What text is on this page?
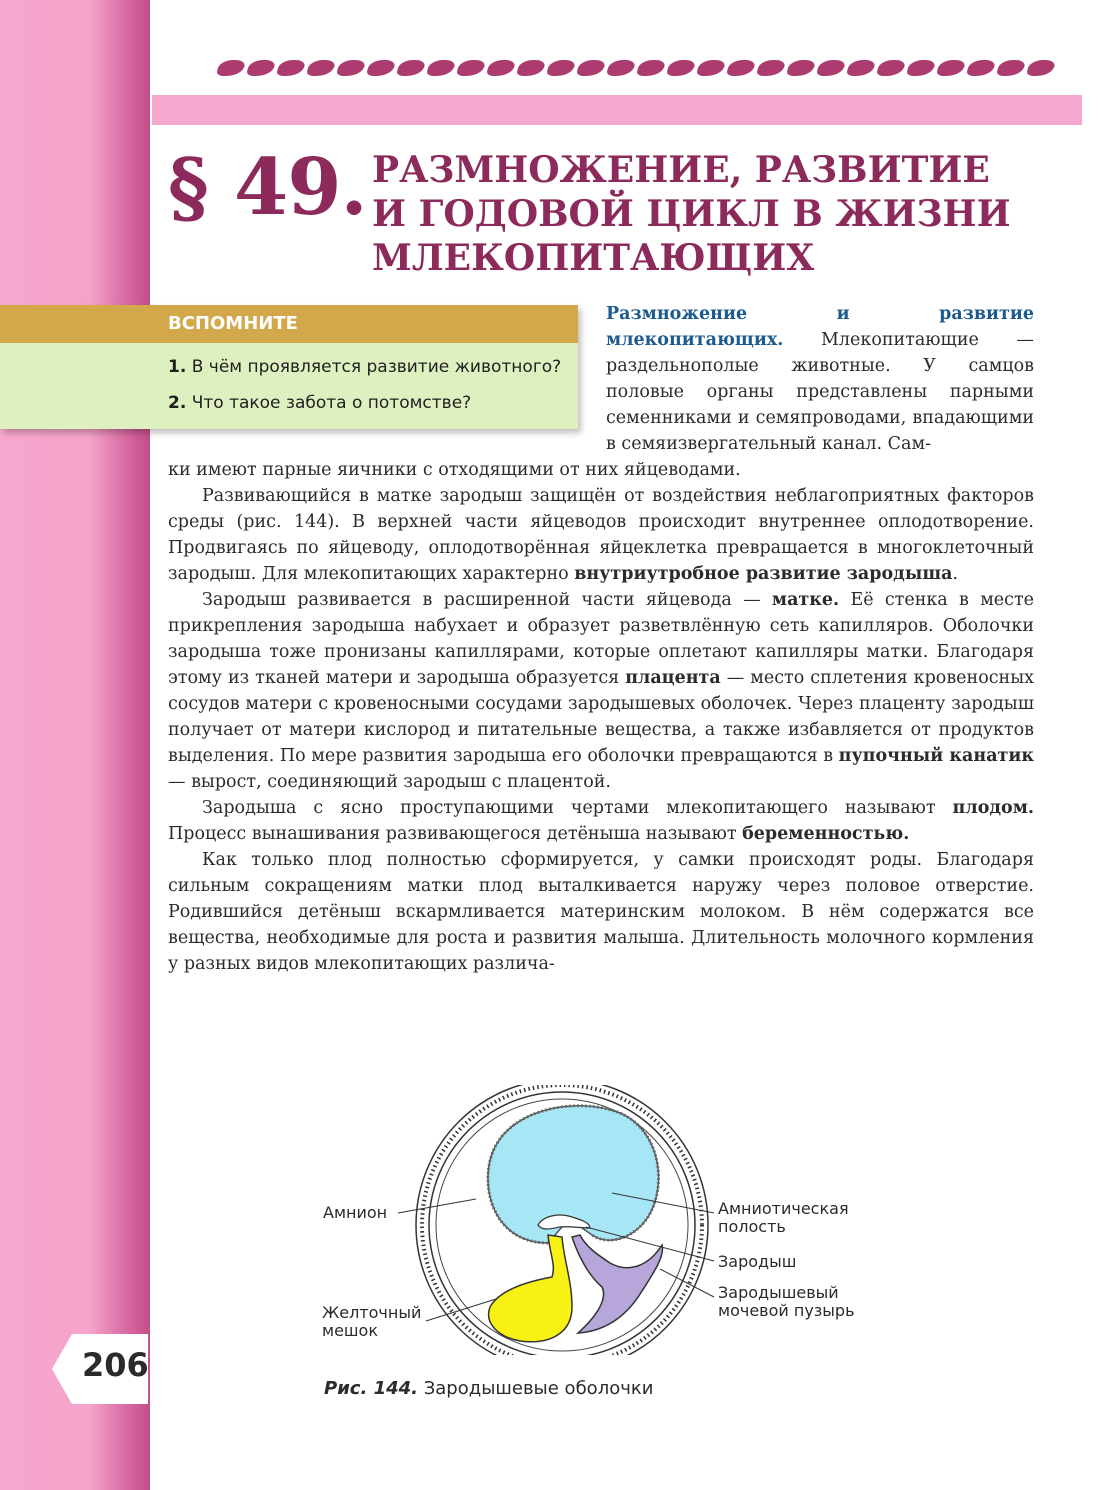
§ 49. РАЗМНОЖЕНИЕ, РАЗВИТИЕ
И ГОДОВОЙ ЦИКЛ В ЖИЗНИ
МЛЕКОПИТАЮЩИХ
ВСПОМНИТЕ
1. В чём проявляется развитие животного?
2. Что такое забота о потомстве?

Размножение и развитие млекопитающих. Млекопитающие — раздельнополые животные. У самцов половые органы представлены парными семенниками и семяпроводами, впадающими в семяизвергательный канал. Сам-

ки имеют парные яичники с отходящими от них яйцеводами.

Развивающийся в матке зародыш защищён от воздействия неблагоприятных факторов среды (рис. 144). В верхней части яйцеводов происходит внутреннее оплодотворение. Продвигаясь по яйцеводу, оплодотворённая яйцеклетка превращается в многоклеточный зародыш. Для млекопитающих характерно внутриутробное развитие зародыша.

Зародыш развивается в расширенной части яйцевода — матке. Её стенка в месте прикрепления зародыша набухает и образует разветвлённую сеть капилляров. Оболочки зародыша тоже пронизаны капиллярами, которые оплетают капилляры матки. Благодаря этому из тканей матери и зародыша образуется плацента — место сплетения кровеносных сосудов матери с кровеносными сосудами зародышевых оболочек. Через плаценту зародыш получает от матери кислород и питательные вещества, а также избавляется от продуктов выделения. По мере развития зародыша его оболочки превращаются в пупочный канатик — вырост, соединяющий зародыш с плацентой.

Зародыша с ясно проступающими чертами млекопитающего называют плодом. Процесс вынашивания развивающегося детёныша называют беременностью.

Как только плод полностью сформируется, у самки происходят роды. Благодаря сильным сокращениям матки плод выталкивается наружу через половое отверстие. Родившийся детёныш вскармливается материнским молоком. В нём содержатся все вещества, необходимые для роста и развития малыша. Длительность молочного кормления у разных видов млекопитающих различа-

Амнион
Желточный мешок
Амниотическая полость
Зародыш
Зародышевый мочевой пузырь
Рис. 144. Зародышевые оболочки
206
